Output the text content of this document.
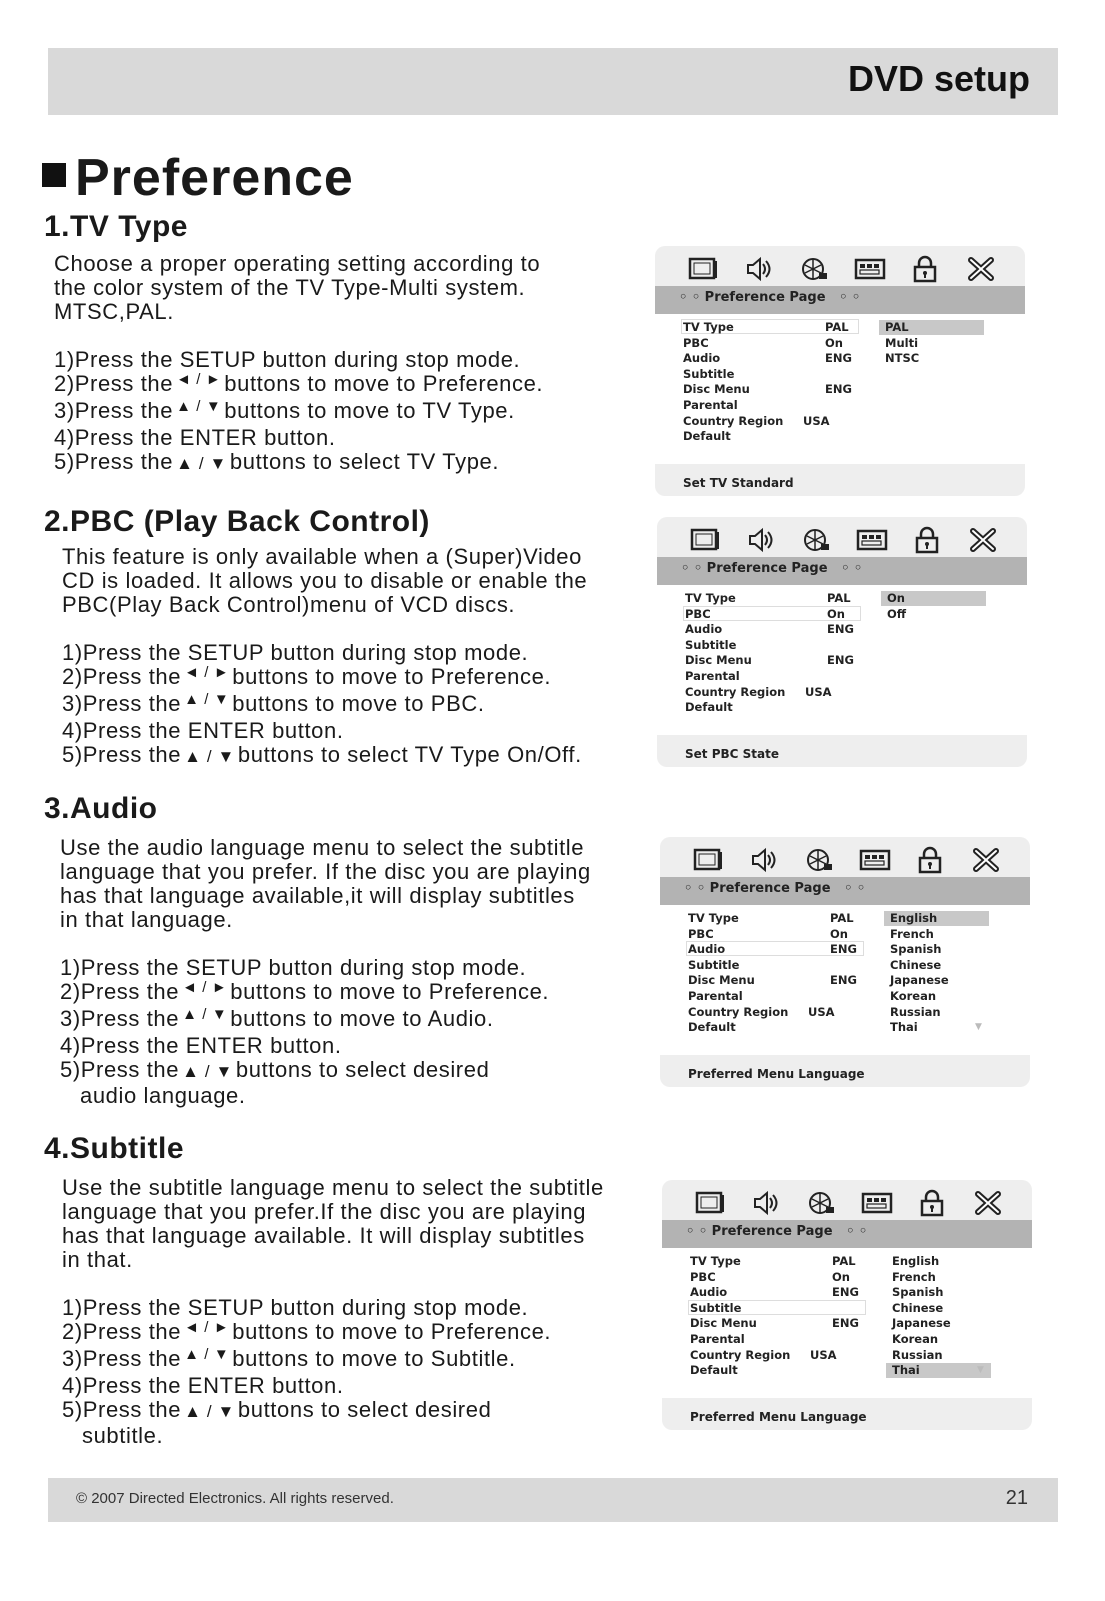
DVD setup
Preference
1.TV Type
Choose a proper operating setting according to
the color system of the TV Type-Multi system.
MTSC,PAL.
1)Press the SETUP button during stop mode.
2)Press the◄ / ►buttons to move to Preference.
3)Press the▲ / ▼buttons to move to TV Type.
4)Press the ENTER button.
5)Press the▲ / ▼buttons to select TV Type.
2.PBC (Play Back Control)
This feature is only available when a (Super)Video
CD is loaded. It allows you to disable or enable the
PBC(Play Back Control)menu of VCD discs.
1)Press the SETUP button during stop mode.
2)Press the◄ / ►buttons to move to Preference.
3)Press the▲ / ▼buttons to move to PBC.
4)Press the ENTER button.
5)Press the▲ / ▼buttons to select TV Type On/Off.
3.Audio
Use the audio language menu to select the subtitle
language that you prefer. If the disc you are playing
has that language available,it will display subtitles
in that language.
1)Press the SETUP button during stop mode.
2)Press the◄ / ►buttons to move to Preference.
3)Press the▲ / ▼buttons to move to Audio.
4)Press the ENTER button.
5)Press the▲ / ▼buttons to select desired
audio language.
4.Subtitle
Use the subtitle language menu to select the subtitle
language that you prefer.If the disc you are playing
has that language available. It will display subtitles
in that.
1)Press the SETUP button during stop mode.
2)Press the◄ / ►buttons to move to Preference.
3)Press the▲ / ▼buttons to move to Subtitle.
4)Press the ENTER button.
5)Press the▲ / ▼buttons to select desired
subtitle.
◦ ◦ Preference Page ◦ ◦
TV Type	PAL
PBC	On
Audio	ENG
Subtitle
Disc Menu	ENG
Parental
Country Region USA
Default
PAL
Multi
NTSC
Set TV Standard
◦ ◦ Preference Page ◦ ◦
TV Type	PAL
PBC	On
Audio	ENG
Subtitle
Disc Menu	ENG
Parental
Country Region USA
Default
On
Off
Set PBC State
◦ ◦ Preference Page ◦ ◦
TV Type	PAL
PBC	On
Audio	ENG
Subtitle
Disc Menu	ENG
Parental
Country Region USA
Default
English
French
Spanish
Chinese
Japanese
Korean
Russian
Thai	▼
Preferred Menu Language
◦ ◦ Preference Page ◦ ◦
TV Type	PAL
PBC	On
Audio	ENG
Subtitle
Disc Menu	ENG
Parental
Country Region USA
Default
English
French
Spanish
Chinese
Japanese
Korean
Russian
Thai	▼
Preferred Menu Language
© 2007 Directed Electronics. All rights reserved.	21
